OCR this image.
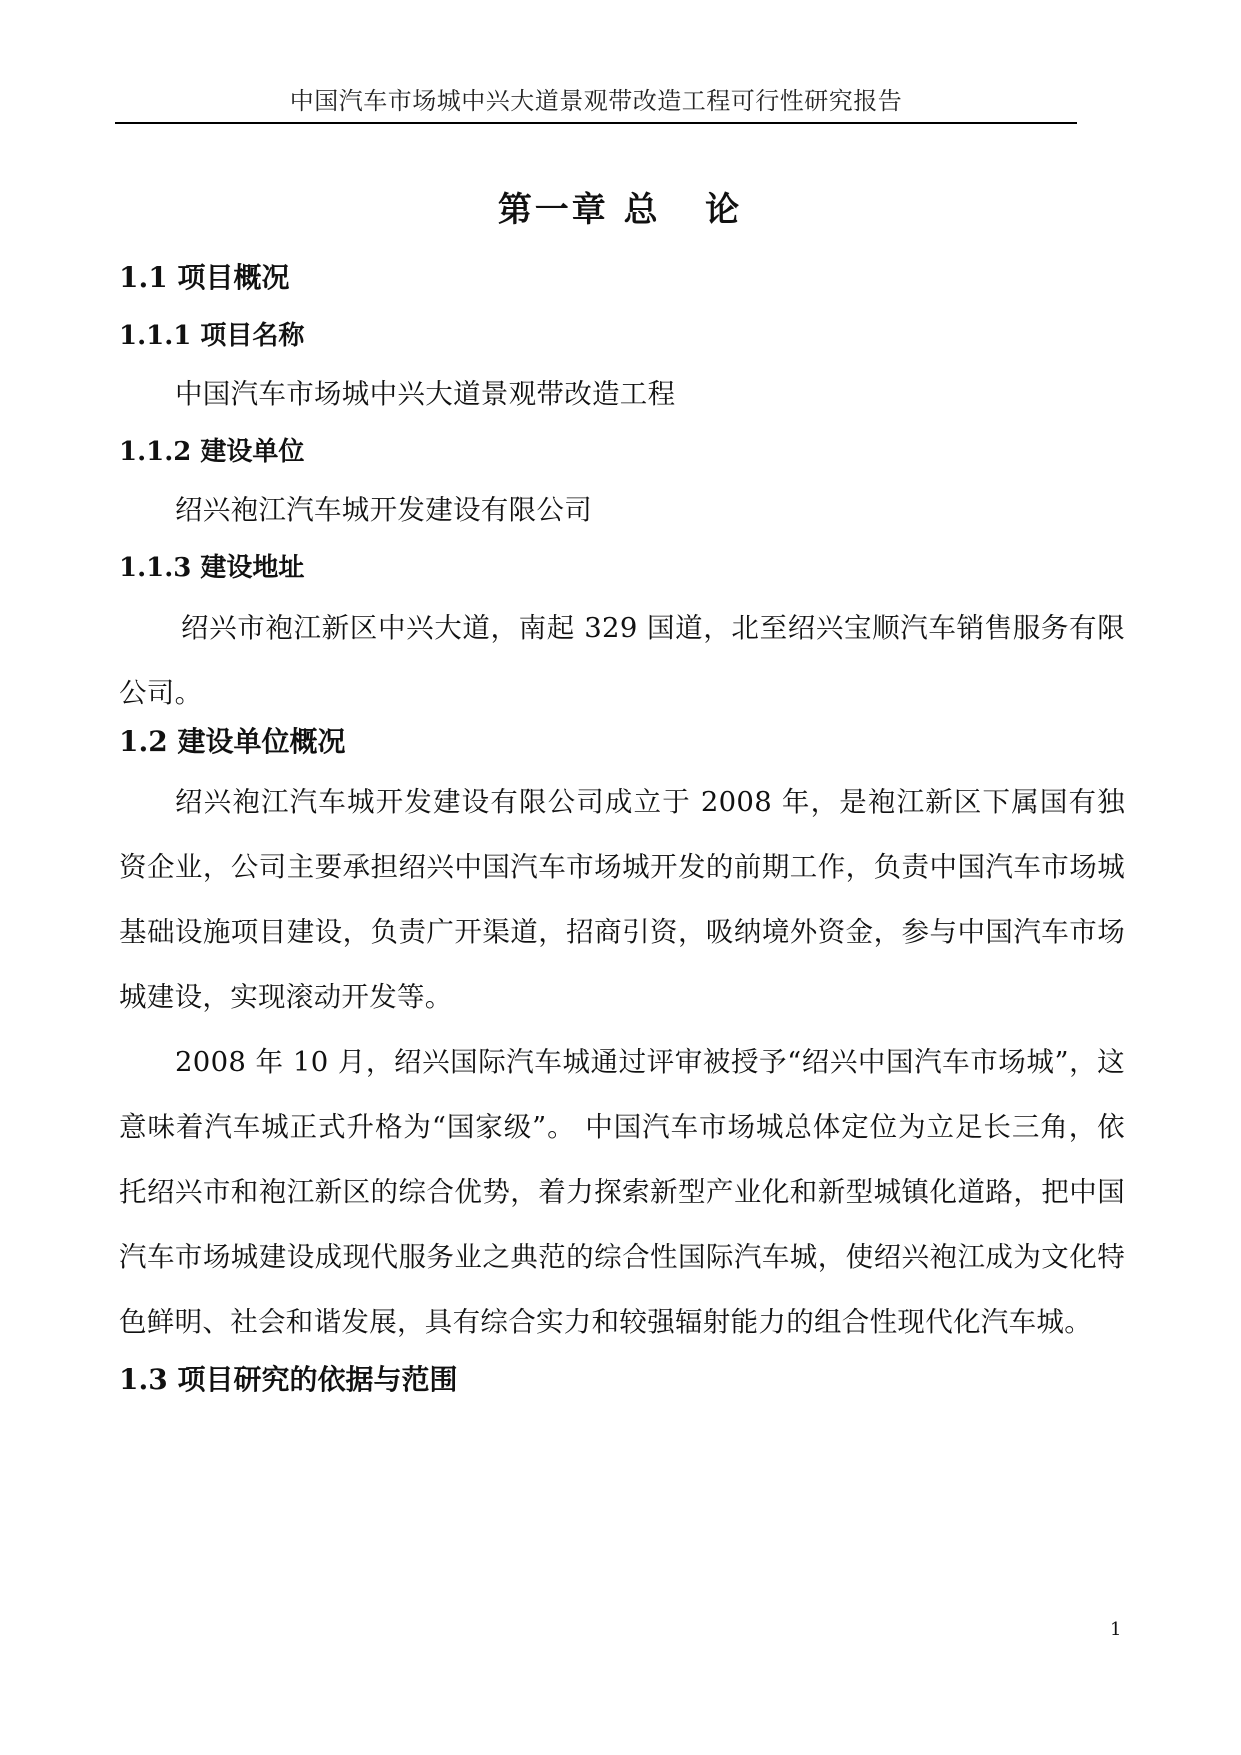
中国汽车市场城中兴大道景观带改造工程可行性研究报告
第一章 总   论
1.1 项目概况
1.1.1 项目名称

中国汽车市场城中兴大道景观带改造工程

1.1.2 建设单位

绍兴袍江汽车城开发建设有限公司

1.1.3 建设地址

绍兴市袍江新区中兴大道，南起 329 国道，北至绍兴宝顺汽车销售服务有限公司。

1.2 建设单位概况

绍兴袍江汽车城开发建设有限公司成立于 2008 年，是袍江新区下属国有独资企业，公司主要承担绍兴中国汽车市场城开发的前期工作，负责中国汽车市场城基础设施项目建设，负责广开渠道，招商引资，吸纳境外资金，参与中国汽车市场城建设，实现滚动开发等。

2008 年 10 月，绍兴国际汽车城通过评审被授予“绍兴中国汽车市场城”，这意味着汽车城正式升格为“国家级”。 中国汽车市场城总体定位为立足长三角，依托绍兴市和袍江新区的综合优势，着力探索新型产业化和新型城镇化道路，把中国汽车市场城建设成现代服务业之典范的综合性国际汽车城，使绍兴袍江成为文化特色鲜明、社会和谐发展，具有综合实力和较强辐射能力的组合性现代化汽车城。

1.3 项目研究的依据与范围
1
